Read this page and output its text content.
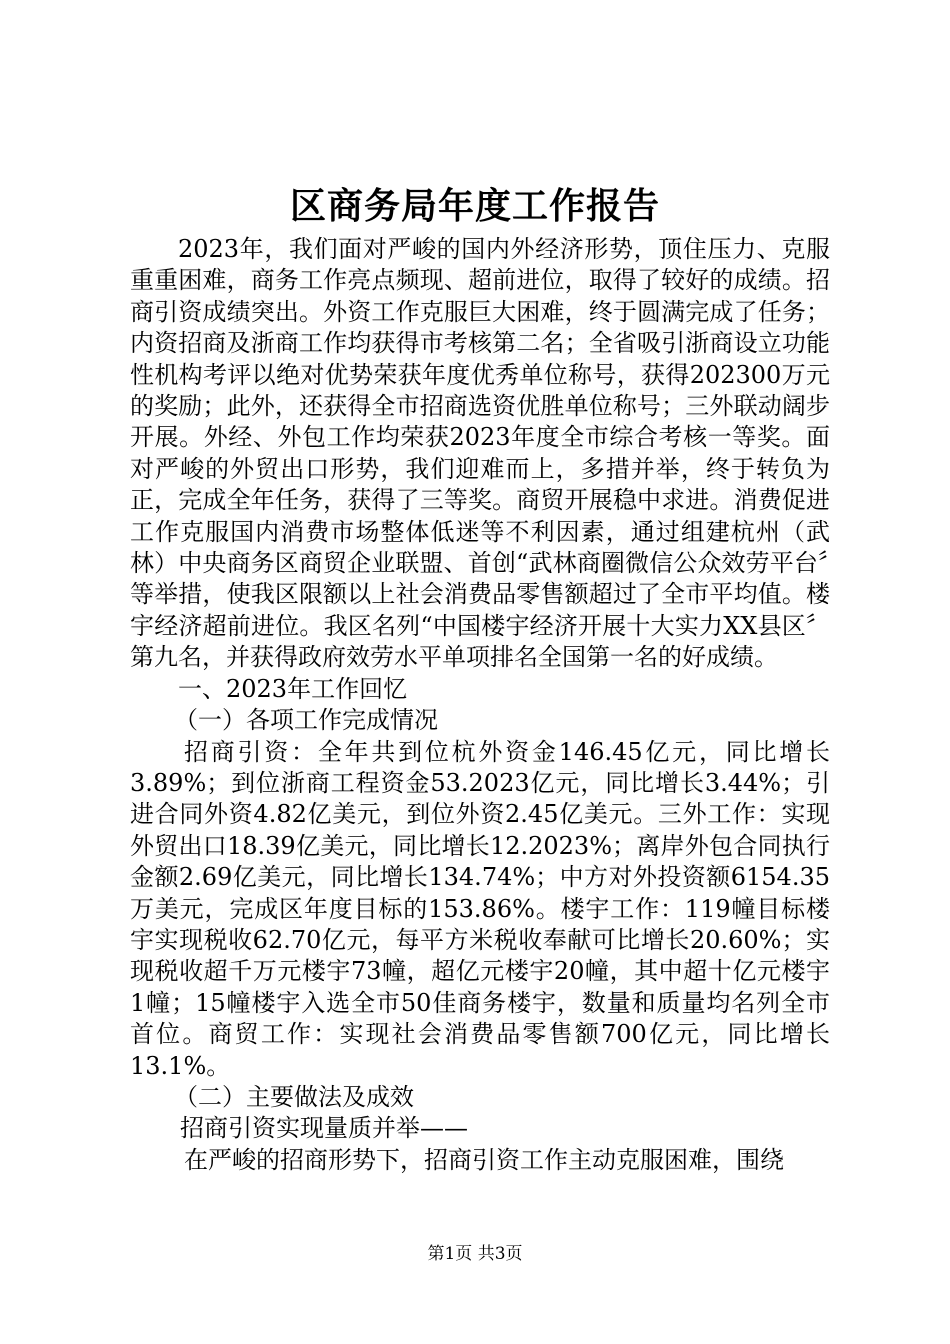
区商务局年度工作报告

2023年，我们面对严峻的国内外经济形势，顶住压力、克服重重困难，商务工作亮点频现、超前进位，取得了较好的成绩。招商引资成绩突出。外资工作克服巨大困难，终于圆满完成了任务；内资招商及浙商工作均获得市考核第二名；全省吸引浙商设立功能性机构考评以绝对优势荣获年度优秀单位称号，获得202300万元的奖励；此外，还获得全市招商选资优胜单位称号；三外联动阔步开展。外经、外包工作均荣获2023年度全市综合考核一等奖。面对严峻的外贸出口形势，我们迎难而上，多措并举，终于转负为正，完成全年任务，获得了三等奖。商贸开展稳中求进。消费促进工作克服国内消费市场整体低迷等不利因素，通过组建杭州（武林）中央商务区商贸企业联盟、首创“武林商圈微信公众效劳平台〞等举措，使我区限额以上社会消费品零售额超过了全市平均值。楼宇经济超前进位。我区名列“中国楼宇经济开展十大实力XX县区〞第九名，并获得政府效劳水平单项排名全国第一名的好成绩。

一、2023年工作回忆

（一）各项工作完成情况

招商引资：全年共到位杭外资金146.45亿元，同比增长3.89%；到位浙商工程资金53.2023亿元，同比增长3.44%；引进合同外资4.82亿美元，到位外资2.45亿美元。三外工作：实现外贸出口18.39亿美元，同比增长12.2023%；离岸外包合同执行金额2.69亿美元，同比增长134.74%；中方对外投资额6154.35万美元，完成区年度目标的153.86%。楼宇工作：119幢目标楼宇实现税收62.70亿元，每平方米税收奉献可比增长20.60%；实现税收超千万元楼宇73幢，超亿元楼宇20幢，其中超十亿元楼宇1幢；15幢楼宇入选全市50佳商务楼宇，数量和质量均名列全市首位。商贸工作：实现社会消费品零售额700亿元，同比增长13.1%。

（二）主要做法及成效

招商引资实现量质并举——

在严峻的招商形势下，招商引资工作主动克服困难，围绕

第1页 共3页
